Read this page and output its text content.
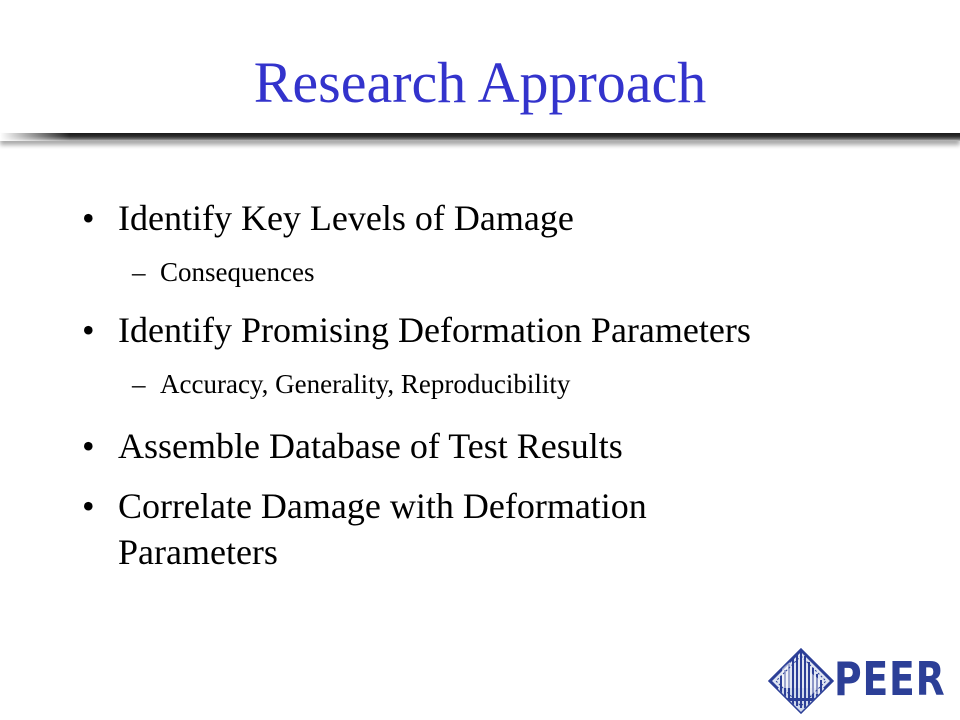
Research Approach
• Identify Key Levels of Damage
– Consequences
• Identify Promising Deformation Parameters
– Accuracy, Generality, Reproducibility
• Assemble Database of Test Results
• Correlate Damage with Deformation
Parameters
PEER
